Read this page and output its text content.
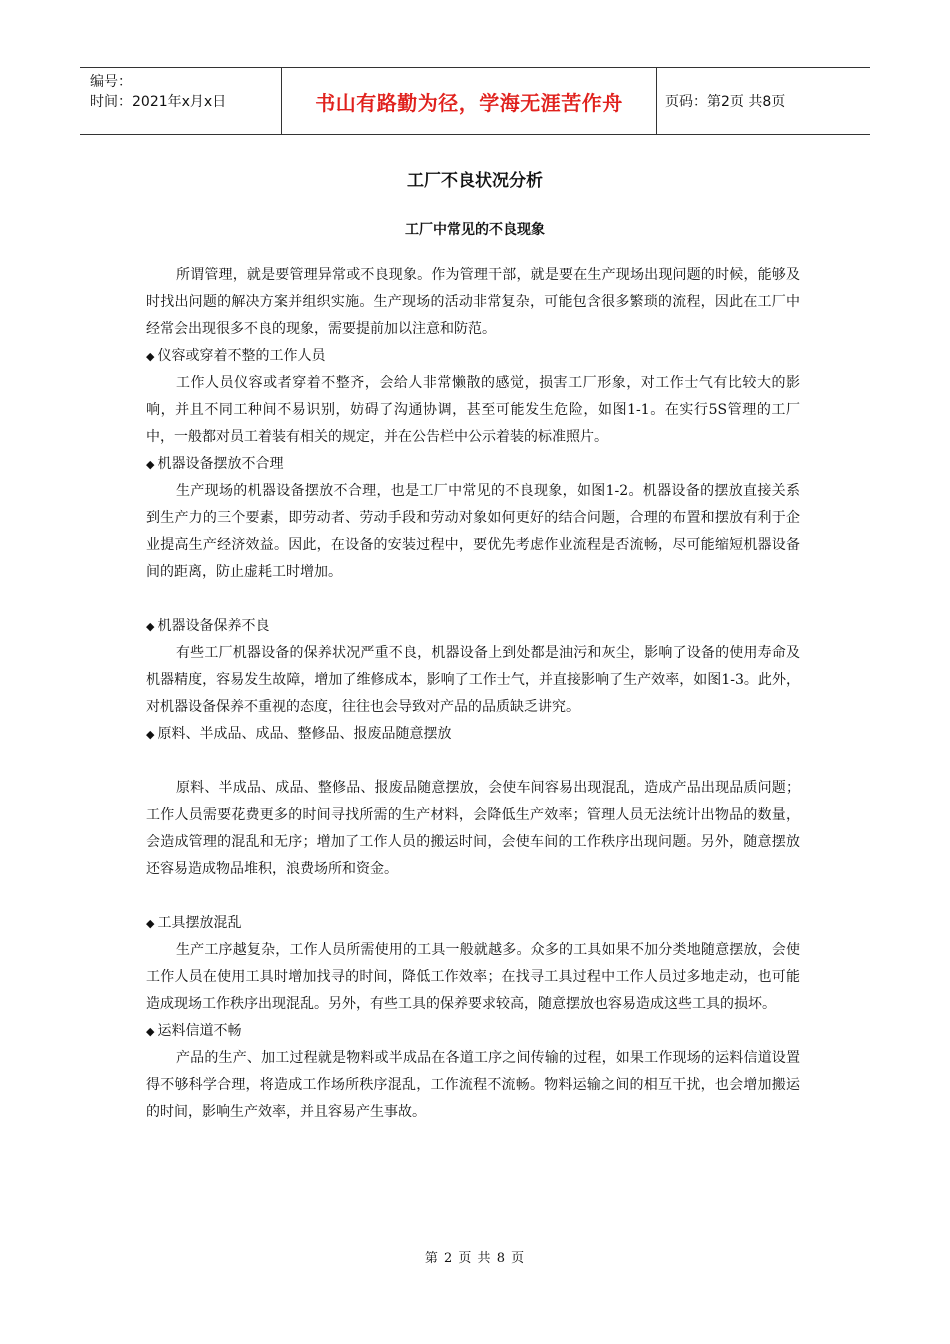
编号：
时间：2021年x月x日	书山有路勤为径，学海无涯苦作舟	页码：第2页 共8页
工厂不良状况分析
工厂中常见的不良现象

所谓管理，就是要管理异常或不良现象。作为管理干部，就是要在生产现场出现问题的时候，能够及时找出问题的解决方案并组织实施。生产现场的活动非常复杂，可能包含很多繁琐的流程，因此在工厂中经常会出现很多不良的现象，需要提前加以注意和防范。

◆ 仪容或穿着不整的工作人员

工作人员仪容或者穿着不整齐，会给人非常懒散的感觉，损害工厂形象，对工作士气有比较大的影响，并且不同工种间不易识别，妨碍了沟通协调，甚至可能发生危险，如图1-1。在实行5S管理的工厂中，一般都对员工着装有相关的规定，并在公告栏中公示着装的标准照片。

◆ 机器设备摆放不合理

生产现场的机器设备摆放不合理，也是工厂中常见的不良现象，如图1-2。机器设备的摆放直接关系到生产力的三个要素，即劳动者、劳动手段和劳动对象如何更好的结合问题，合理的布置和摆放有利于企业提高生产经济效益。因此，在设备的安装过程中，要优先考虑作业流程是否流畅，尽可能缩短机器设备间的距离，防止虚耗工时增加。

◆ 机器设备保养不良

有些工厂机器设备的保养状况严重不良，机器设备上到处都是油污和灰尘，影响了设备的使用寿命及机器精度，容易发生故障，增加了维修成本，影响了工作士气，并直接影响了生产效率，如图1-3。此外，对机器设备保养不重视的态度，往往也会导致对产品的品质缺乏讲究。

◆ 原料、半成品、成品、整修品、报废品随意摆放

原料、半成品、成品、整修品、报废品随意摆放，会使车间容易出现混乱，造成产品出现品质问题；工作人员需要花费更多的时间寻找所需的生产材料，会降低生产效率；管理人员无法统计出物品的数量，会造成管理的混乱和无序；增加了工作人员的搬运时间，会使车间的工作秩序出现问题。另外，随意摆放还容易造成物品堆积，浪费场所和资金。

◆ 工具摆放混乱

生产工序越复杂，工作人员所需使用的工具一般就越多。众多的工具如果不加分类地随意摆放，会使工作人员在使用工具时增加找寻的时间，降低工作效率；在找寻工具过程中工作人员过多地走动，也可能造成现场工作秩序出现混乱。另外，有些工具的保养要求较高，随意摆放也容易造成这些工具的损坏。

◆ 运料信道不畅

产品的生产、加工过程就是物料或半成品在各道工序之间传输的过程，如果工作现场的运料信道设置得不够科学合理，将造成工作场所秩序混乱，工作流程不流畅。物料运输之间的相互干扰，也会增加搬运的时间，影响生产效率，并且容易产生事故。

第 2 页 共 8 页
